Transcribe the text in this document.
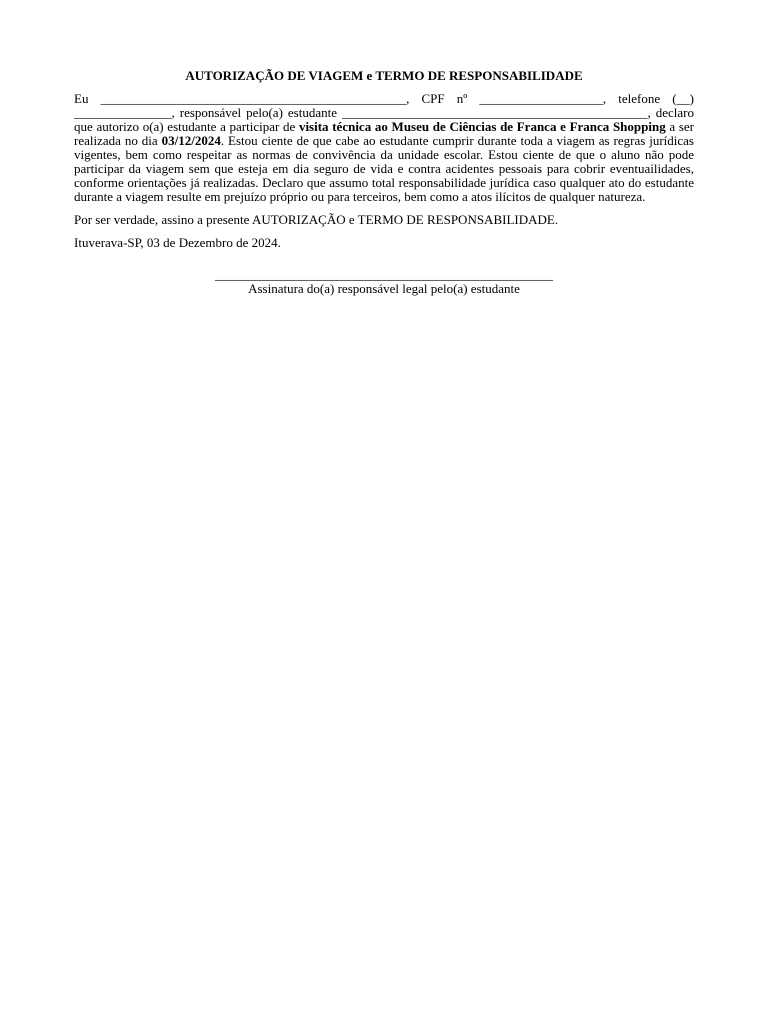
AUTORIZAÇÃO DE VIAGEM e TERMO DE RESPONSABILIDADE
Eu _______________________________________________, CPF nº ___________________, telefone (__)
_______________, responsável pelo(a) estudante _______________________________________________, declaro

que autorizo o(a) estudante a participar de visita técnica ao Museu de Ciências de Franca e Franca Shopping a ser realizada no dia 03/12/2024. Estou ciente de que cabe ao estudante cumprir durante toda a viagem as regras jurídicas vigentes, bem como respeitar as normas de convivência da unidade escolar. Estou ciente de que o aluno não pode participar da viagem sem que esteja em dia seguro de vida e contra acidentes pessoais para cobrir eventuailidades, conforme orientações já realizadas. Declaro que assumo total responsabilidade jurídica caso qualquer ato do estudante durante a viagem resulte em prejuízo próprio ou para terceiros, bem como a atos ilícitos de qualquer natureza.

Por ser verdade, assino a presente AUTORIZAÇÃO e TERMO DE RESPONSABILIDADE.

Ituverava-SP, 03 de Dezembro de 2024.

____________________________________________________
Assinatura do(a) responsável legal pelo(a) estudante
